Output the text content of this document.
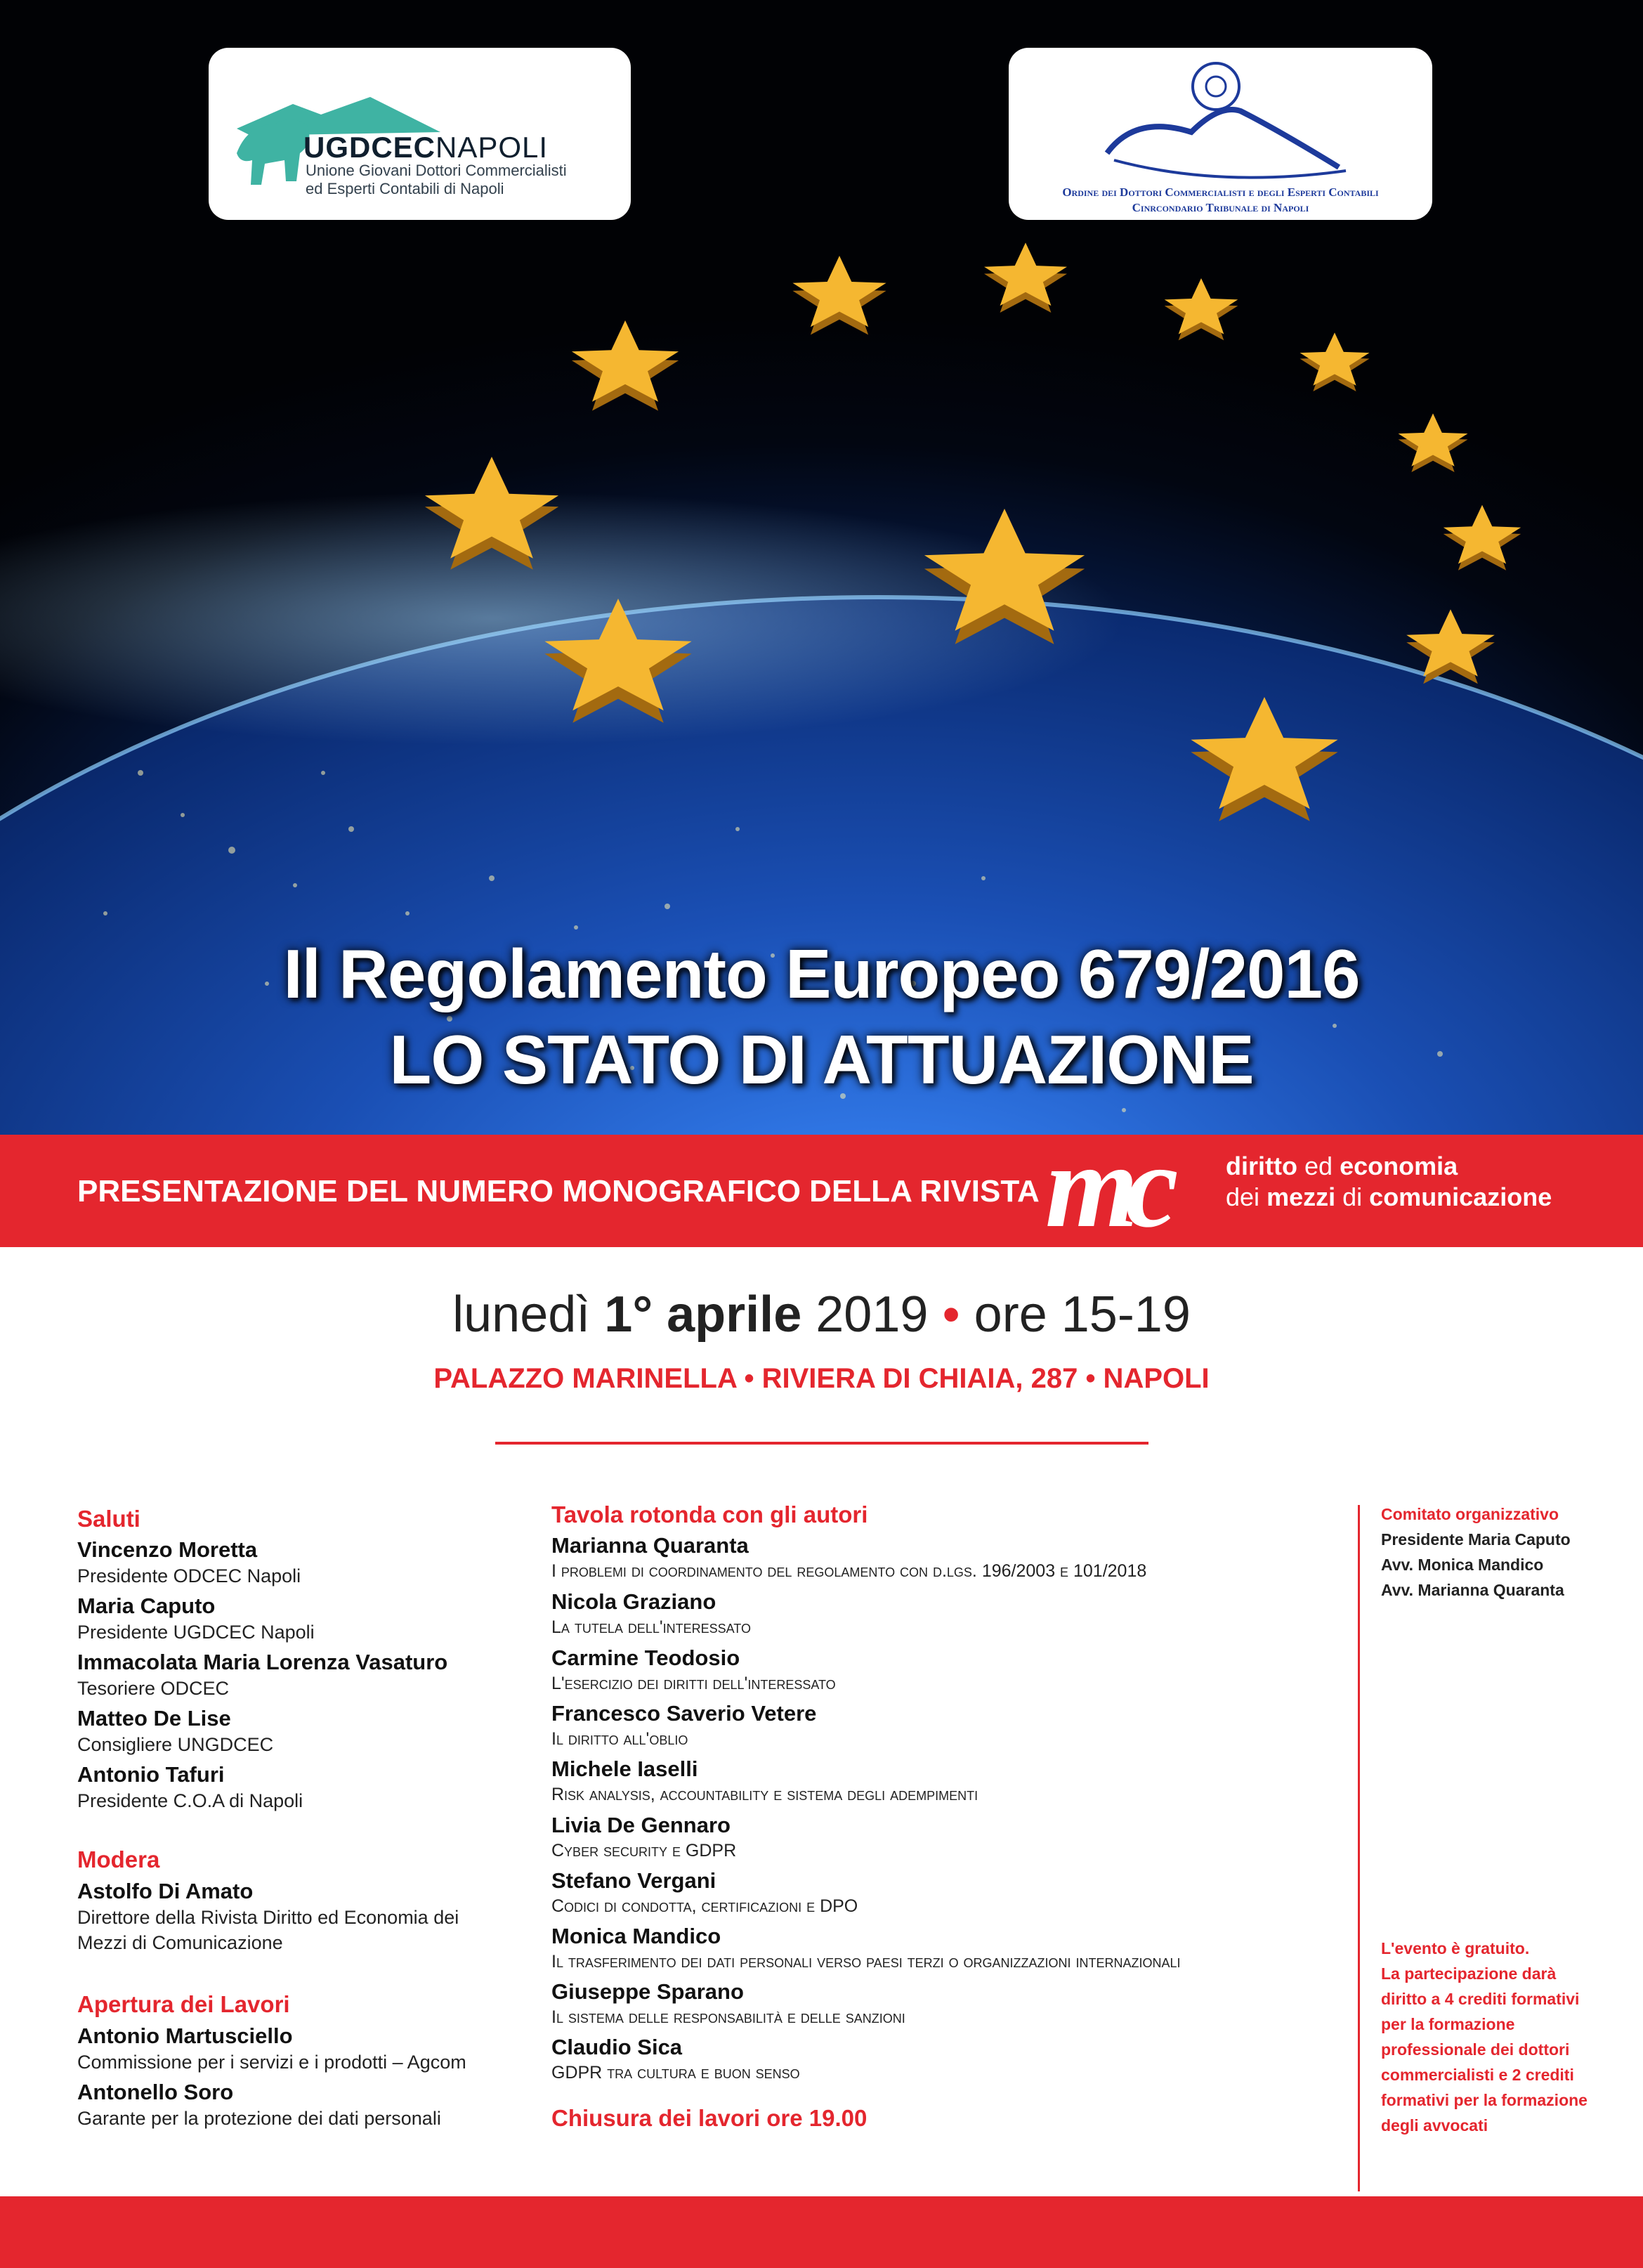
UGDCECNAPOLI
Unione Giovani Dottori Commercialisti
ed Esperti Contabili di Napoli	Ordine dei Dottori Commercialisti e degli Esperti Contabili
Cinrcondario Tribunale di Napoli
Il Regolamento Europeo 679/2016
LO STATO DI ATTUAZIONE
PRESENTAZIONE DEL NUMERO MONOGRAFICO DELLA RIVISTA mc	diritto ed economia
dei mezzi di comunicazione
lunedì 1° aprile 2019 • ore 15-19
PALAZZO MARINELLA • RIVIERA DI CHIAIA, 287 • NAPOLI
Saluti
Vincenzo Moretta
Presidente ODCEC Napoli
Maria Caputo
Presidente UGDCEC Napoli
Immacolata Maria Lorenza Vasaturo
Tesoriere ODCEC
Matteo De Lise
Consigliere UNGDCEC
Antonio Tafuri
Presidente C.O.A di Napoli
Modera
Astolfo Di Amato
Direttore della Rivista Diritto ed Economia dei
Mezzi di Comunicazione
Apertura dei Lavori
Antonio Martusciello
Commissione per i servizi e i prodotti – Agcom
Antonello Soro
Garante per la protezione dei dati personali
Tavola rotonda con gli autori
Marianna Quaranta
I problemi di coordinamento del regolamento con d.lgs. 196/2003 e 101/2018
Nicola Graziano
La tutela dell'interessato
Carmine Teodosio
L'esercizio dei diritti dell'interessato
Francesco Saverio Vetere
Il diritto all'oblio
Michele Iaselli
Risk analysis, accountability e sistema degli adempimenti
Livia De Gennaro
Cyber security e GDPR
Stefano Vergani
Codici di condotta, certificazioni e DPO
Monica Mandico
Il trasferimento dei dati personali verso paesi terzi o organizzazioni internazionali
Giuseppe Sparano
Il sistema delle responsabilità e delle sanzioni
Claudio Sica
GDPR tra cultura e buon senso
Chiusura dei lavori ore 19.00
Comitato organizzativo
Presidente Maria Caputo
Avv. Monica Mandico
Avv. Marianna Quaranta
L'evento è gratuito.
La partecipazione darà
diritto a 4 crediti formativi
per la formazione
professionale dei dottori
commercialisti e 2 crediti
formativi per la formazione
degli avvocati
